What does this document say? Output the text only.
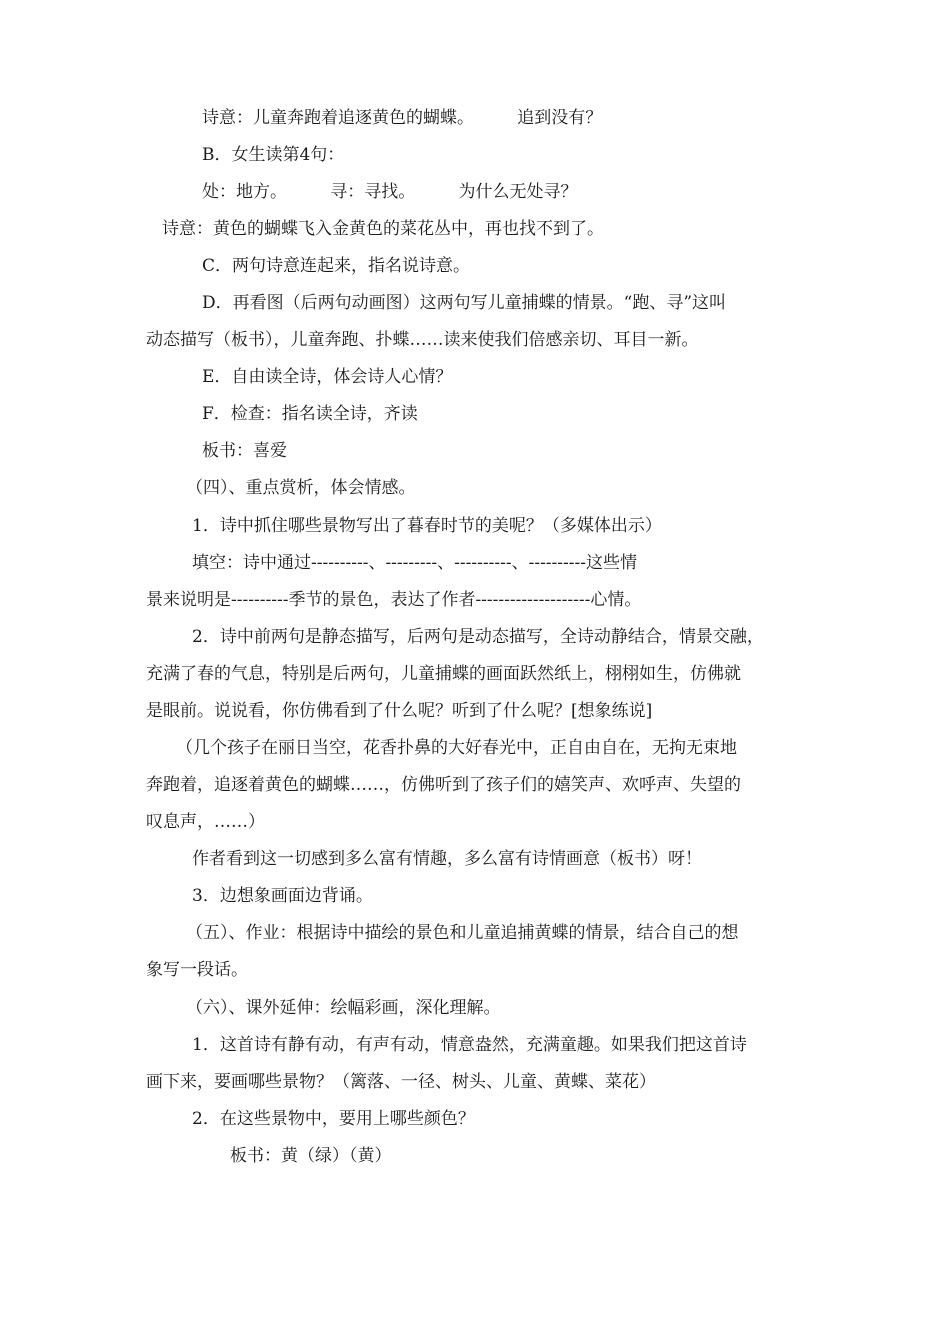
诗意：儿童奔跑着追逐黄色的蝴蝶。        追到没有？
B．女生读第4句：
处：地方。        寻：寻找。        为什么无处寻？
诗意：黄色的蝴蝶飞入金黄色的菜花丛中，再也找不到了。
C．两句诗意连起来，指名说诗意。
D．再看图（后两句动画图）这两句写儿童捕蝶的情景。“跑、寻”这叫
动态描写（板书），儿童奔跑、扑蝶……读来使我们倍感亲切、耳目一新。
E．自由读全诗，体会诗人心情？
F．检查：指名读全诗，齐读
板书：喜爱
（四）、重点赏析，体会情感。
1．诗中抓住哪些景物写出了暮春时节的美呢？（多媒体出示）
填空：诗中通过----------、---------、----------、----------这些情
景来说明是----------季节的景色，表达了作者--------------------心情。
2．诗中前两句是静态描写，后两句是动态描写，全诗动静结合，情景交融，
充满了春的气息，特别是后两句，儿童捕蝶的画面跃然纸上，栩栩如生，仿佛就
是眼前。说说看，你仿佛看到了什么呢？听到了什么呢？[想象练说]
（几个孩子在丽日当空，花香扑鼻的大好春光中，正自由自在，无拘无束地
奔跑着，追逐着黄色的蝴蝶……，仿佛听到了孩子们的嬉笑声、欢呼声、失望的
叹息声，……）
作者看到这一切感到多么富有情趣，多么富有诗情画意（板书）呀！
3．边想象画面边背诵。
（五）、作业：根据诗中描绘的景色和儿童追捕黄蝶的情景，结合自己的想
象写一段话。
（六）、课外延伸：绘幅彩画，深化理解。
1．这首诗有静有动，有声有动，情意盎然，充满童趣。如果我们把这首诗
画下来，要画哪些景物？（篱落、一径、树头、儿童、黄蝶、菜花）
2．在这些景物中，要用上哪些颜色？
板书：黄（绿）（黄）
